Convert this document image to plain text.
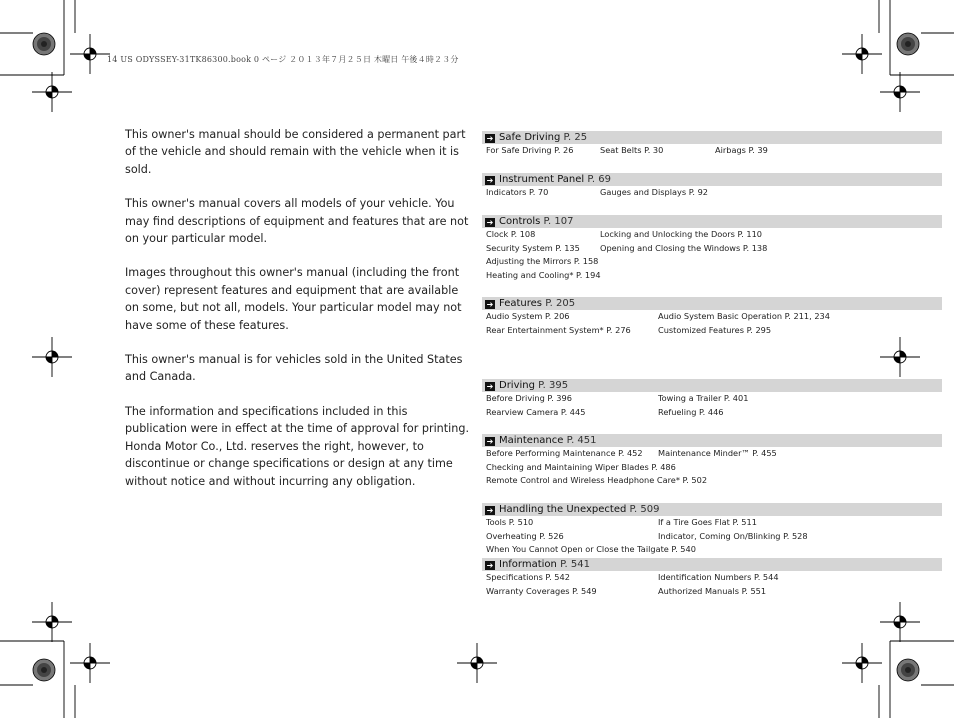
14 US ODYSSEY-31TK86300.book 0 ページ ２０１３年７月２５日 木曜日 午後４時２３分

This owner's manual should be considered a permanent part of the vehicle and should remain with the vehicle when it is sold.

This owner's manual covers all models of your vehicle. You may find descriptions of equipment and features that are not on your particular model.

Images throughout this owner's manual (including the front cover) represent features and equipment that are available on some, but not all, models. Your particular model may not have some of these features.

This owner's manual is for vehicles sold in the United States and Canada.

The information and specifications included in this publication were in effect at the time of approval for printing. Honda Motor Co., Ltd. reserves the right, however, to discontinue or change specifications or design at any time without notice and without incurring any obligation.

➔ Safe Driving P. 25
For Safe Driving P. 26	Seat Belts P. 30	Airbags P. 39
➔ Instrument Panel P. 69
Indicators P. 70	Gauges and Displays P. 92
➔ Controls P. 107
Clock P. 108	Locking and Unlocking the Doors P. 110
Security System P. 135 Opening and Closing the Windows P. 138
Adjusting the Mirrors P. 158
Heating and Cooling* P. 194
➔ Features P. 205
Audio System P. 206	Audio System Basic Operation P. 211, 234
Rear Entertainment System* P. 276	Customized Features P. 295
➔ Driving P. 395
Before Driving P. 396	Towing a Trailer P. 401
Rearview Camera P. 445	Refueling P. 446
➔ Maintenance P. 451
Before Performing Maintenance P. 452 Maintenance Minder™ P. 455
Checking and Maintaining Wiper Blades P. 486
Remote Control and Wireless Headphone Care* P. 502
➔ Handling the Unexpected P. 509
Tools P. 510	If a Tire Goes Flat P. 511
Overheating P. 526	Indicator, Coming On/Blinking P. 528
When You Cannot Open or Close the Tailgate P. 540
➔ Information P. 541
Specifications P. 542	Identification Numbers P. 544
Warranty Coverages P. 549	Authorized Manuals P. 551
